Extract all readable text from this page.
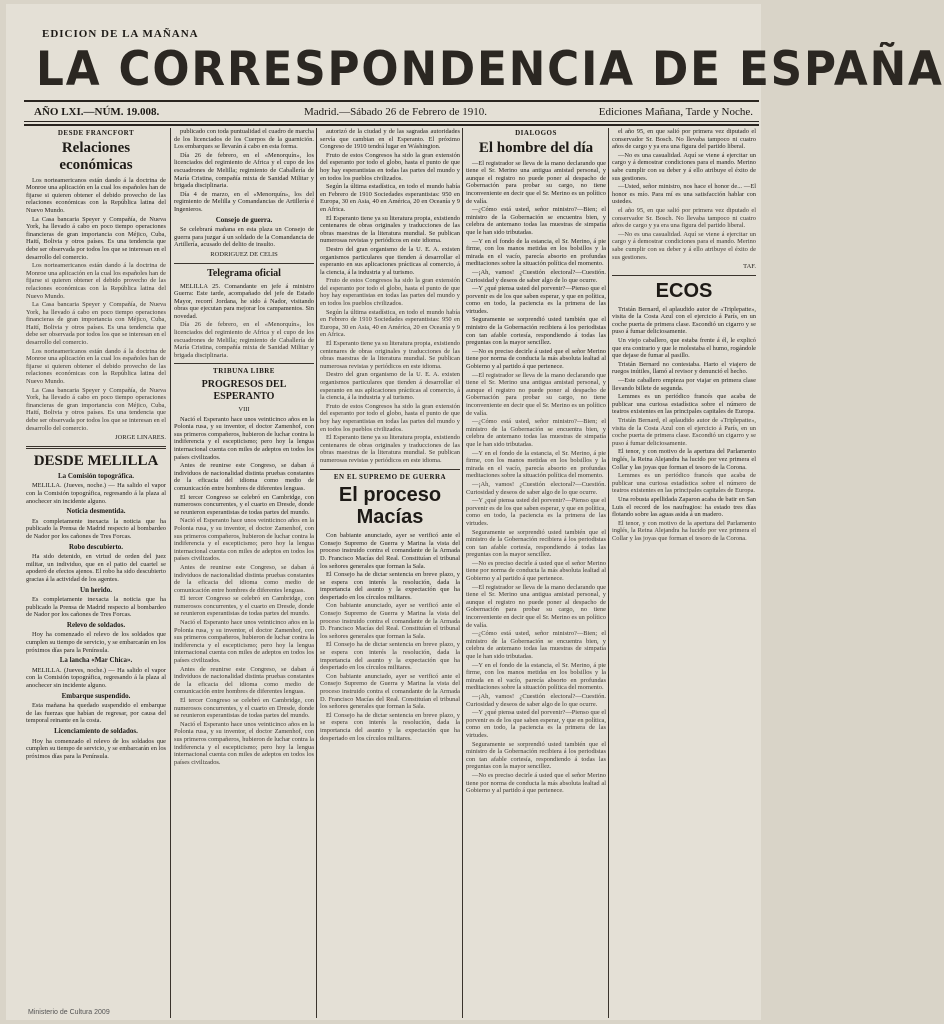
EDICION DE LA MAÑANA
LA CORRESPONDENCIA DE ESPAÑA
AÑO LXI.—NÚM. 19.008.	Madrid.—Sábado 26 de Febrero de 1910.	Ediciones Mañana, Tarde y Noche.
DESDE FRANCFORT
Relaciones económicas

Los norteamericanos están dando á la doctrina de Monroe una aplicación en la cual los españoles han de fijarse si quieren obtener el debido provecho de las relaciones económicas con la República latina del Nuevo Mundo.

La Casa bancaria Speyer y Compañía, de Nueva York, ha llevado á cabo en poco tiempo operaciones financieras de gran importancia con Méjico, Cuba, Haití, Bolivia y otros países. Es una tendencia que debe ser observada por todos los que se interesan en el desarrollo del comercio.

Los norteamericanos están dando á la doctrina de Monroe una aplicación en la cual los españoles han de fijarse si quieren obtener el debido provecho de las relaciones económicas con la República latina del Nuevo Mundo.

La Casa bancaria Speyer y Compañía, de Nueva York, ha llevado á cabo en poco tiempo operaciones financieras de gran importancia con Méjico, Cuba, Haití, Bolivia y otros países. Es una tendencia que debe ser observada por todos los que se interesan en el desarrollo del comercio.

Los norteamericanos están dando á la doctrina de Monroe una aplicación en la cual los españoles han de fijarse si quieren obtener el debido provecho de las relaciones económicas con la República latina del Nuevo Mundo.

La Casa bancaria Speyer y Compañía, de Nueva York, ha llevado á cabo en poco tiempo operaciones financieras de gran importancia con Méjico, Cuba, Haití, Bolivia y otros países. Es una tendencia que debe ser observada por todos los que se interesan en el desarrollo del comercio.

JORGE LINARES.
DESDE MELILLA
La Comisión topográfica.

MELILLA. (Jueves, noche.) — Ha salido el vapor con la Comisión topográfica, regresando á la plaza al anochecer sin incidente alguno.

Noticia desmentida.

Es completamente inexacta la noticia que ha publicado la Prensa de Madrid respecto al bombardeo de Nador por los cañones de Tres Forcas.

Robo descubierto.

Ha sido detenido, en virtud de orden del juez militar, un individuo, que en el patio del cuartel se apoderó de efectos ajenos. El robo ha sido descubierto gracias á la actividad de los agentes.

Un herido.

Es completamente inexacta la noticia que ha publicado la Prensa de Madrid respecto al bombardeo de Nador por los cañones de Tres Forcas.

Relevo de soldados.

Hoy ha comenzado el relevo de los soldados que cumplen su tiempo de servicio, y se embarcarán en los próximos días para la Península.

La lancha «Mar Chica».

MELILLA. (Jueves, noche.) — Ha salido el vapor con la Comisión topográfica, regresando á la plaza al anochecer sin incidente alguno.

Embarque suspendido.

Esta mañana ha quedado suspendido el embarque de las fuerzas que habían de regresar, por causa del temporal reinante en la costa.

Licenciamiento de soldados.

Hoy ha comenzado el relevo de los soldados que cumplen su tiempo de servicio, y se embarcarán en los próximos días para la Península.

publicado con toda puntualidad el cuadro de marcha de los licenciados de los Cuerpos de la guarnición. Los embarques se llevarán á cabo en esta forma.

Día 26 de febrero, en el «Menorquín», los licenciados del regimiento de Africa y el cupo de los escuadrones de Melilla; regimiento de Caballería de María Cristina, compañía mixta de Sanidad Militar y brigada disciplinaria.

Día 4 de marzo, en el «Menorquín», los del regimiento de Melilla y Comandancias de Artillería é Ingenieros.

Consejo de guerra.

Se celebrará mañana en esta plaza un Consejo de guerra para juzgar á un soldado de la Comandancia de Artillería, acusado del delito de insulto.

RODRIGUEZ DE CELIS
Telegrama oficial

MELILLA 25. Comandante en jefe á ministro Guerra: Este tarde, acompañado del jefe de Estado Mayor, recorrí Jordana, he sido á Nador, visitando obras que ejecutan para mejorar los campamentos. Sin novedad.

Día 26 de febrero, en el «Menorquín», los licenciados del regimiento de Africa y el cupo de los escuadrones de Melilla; regimiento de Caballería de María Cristina, compañía mixta de Sanidad Militar y brigada disciplinaria.

TRIBUNA LIBRE
PROGRESOS DEL ESPERANTO
VIII

Nació el Esperanto hace unos veinticinco años en la Polonia rusa, y su inventor, el doctor Zamenhof, con sus primeros compañeros, hubieron de luchar contra la indiferencia y el escepticismo; pero hoy la lengua internacional cuenta con miles de adeptos en todos los países civilizados.

Antes de reunirse este Congreso, se daban á individuos de nacionalidad distinta pruebas constantes de la eficacia del idioma como medio de comunicación entre hombres de diferentes lenguas.

El tercer Congreso se celebró en Cambridge, con numerosos concurrentes, y el cuarto en Dresde, donde se reunieron esperantistas de todas partes del mundo.

Nació el Esperanto hace unos veinticinco años en la Polonia rusa, y su inventor, el doctor Zamenhof, con sus primeros compañeros, hubieron de luchar contra la indiferencia y el escepticismo; pero hoy la lengua internacional cuenta con miles de adeptos en todos los países civilizados.

Antes de reunirse este Congreso, se daban á individuos de nacionalidad distinta pruebas constantes de la eficacia del idioma como medio de comunicación entre hombres de diferentes lenguas.

El tercer Congreso se celebró en Cambridge, con numerosos concurrentes, y el cuarto en Dresde, donde se reunieron esperantistas de todas partes del mundo.

Nació el Esperanto hace unos veinticinco años en la Polonia rusa, y su inventor, el doctor Zamenhof, con sus primeros compañeros, hubieron de luchar contra la indiferencia y el escepticismo; pero hoy la lengua internacional cuenta con miles de adeptos en todos los países civilizados.

Antes de reunirse este Congreso, se daban á individuos de nacionalidad distinta pruebas constantes de la eficacia del idioma como medio de comunicación entre hombres de diferentes lenguas.

El tercer Congreso se celebró en Cambridge, con numerosos concurrentes, y el cuarto en Dresde, donde se reunieron esperantistas de todas partes del mundo.

Nació el Esperanto hace unos veinticinco años en la Polonia rusa, y su inventor, el doctor Zamenhof, con sus primeros compañeros, hubieron de luchar contra la indiferencia y el escepticismo; pero hoy la lengua internacional cuenta con miles de adeptos en todos los países civilizados.

autorizó de la ciudad y de las sagradas autoridades servía que cambian en el Esperanto. El próximo Congreso de 1910 tendrá lugar en Wáshington.

Fruto de estos Congresos ha sido la gran extensión del esperanto por todo el globo, hasta el punto de que hoy hay esperantistas en todas las partes del mundo y en todos los pueblos civilizados.

Según la última estadística, en todo el mundo había en Febrero de 1910 Sociedades esperantistas: 950 en Europa, 30 en Asia, 40 en América, 20 en Oceanía y 9 en Africa.

El Esperanto tiene ya su literatura propia, existiendo centenares de obras originales y traducciones de las obras maestras de la literatura mundial. Se publican numerosas revistas y periódicos en este idioma.

Destro del gran organismo de la U. E. A. existen organismos particulares que tienden á desarrollar el esperanto en sus aplicaciones prácticas al comercio, á la ciencia, á la industria y al turismo.

Fruto de estos Congresos ha sido la gran extensión del esperanto por todo el globo, hasta el punto de que hoy hay esperantistas en todas las partes del mundo y en todos los pueblos civilizados.

Según la última estadística, en todo el mundo había en Febrero de 1910 Sociedades esperantistas: 950 en Europa, 30 en Asia, 40 en América, 20 en Oceanía y 9 en Africa.

El Esperanto tiene ya su literatura propia, existiendo centenares de obras originales y traducciones de las obras maestras de la literatura mundial. Se publican numerosas revistas y periódicos en este idioma.

Destro del gran organismo de la U. E. A. existen organismos particulares que tienden á desarrollar el esperanto en sus aplicaciones prácticas al comercio, á la ciencia, á la industria y al turismo.

Fruto de estos Congresos ha sido la gran extensión del esperanto por todo el globo, hasta el punto de que hoy hay esperantistas en todas las partes del mundo y en todos los pueblos civilizados.

El Esperanto tiene ya su literatura propia, existiendo centenares de obras originales y traducciones de las obras maestras de la literatura mundial. Se publican numerosas revistas y periódicos en este idioma.

EN EL SUPREMO DE GUERRA
El proceso Macías

Con babiante anunciado, ayer se verificó ante el Consejo Supremo de Guerra y Marina la vista del proceso instruido contra el comandante de la Armada D. Francisco Macías del Real. Constituían el tribunal los señores generales que forman la Sala.

El Consejo ha de dictar sentencia en breve plazo, y se espera con interés la resolución, dada la importancia del asunto y la expectación que ha despertado en los círculos militares.

Con babiante anunciado, ayer se verificó ante el Consejo Supremo de Guerra y Marina la vista del proceso instruido contra el comandante de la Armada D. Francisco Macías del Real. Constituían el tribunal los señores generales que forman la Sala.

El Consejo ha de dictar sentencia en breve plazo, y se espera con interés la resolución, dada la importancia del asunto y la expectación que ha despertado en los círculos militares.

Con babiante anunciado, ayer se verificó ante el Consejo Supremo de Guerra y Marina la vista del proceso instruido contra el comandante de la Armada D. Francisco Macías del Real. Constituían el tribunal los señores generales que forman la Sala.

El Consejo ha de dictar sentencia en breve plazo, y se espera con interés la resolución, dada la importancia del asunto y la expectación que ha despertado en los círculos militares.

DIALOGOS
El hombre del día

—El registrador se lleva de la mano declarando que tiene el Sr. Merino una antigua amistad personal, y aunque el registro no puede poner al despacho de Gobernación para probar su cargo, no tiene inconveniente en decir que el Sr. Merino es un político de valía.

—¿Cómo está usted, señor ministro?—Bien; el ministro de la Gobernación se encuentra bien, y celebra de antemano todas las muestras de simpatía que le han sido tributadas.

—Y en el fondo de la estancia, el Sr. Merino, á pie firme, con los manos metidas en los bolsillos y la mirada en el vacío, parecía absorto en profundas meditaciones sobre la situación política del momento.

—¡Ah, vamos! ¿Cuestión electoral?—Cuestión. Curiosidad y deseos de saber algo de lo que ocurre.

—Y ¿qué piensa usted del porvenir?—Pienso que el porvenir es de los que saben esperar, y que en política, como en todo, la paciencia es la primera de las virtudes.

Seguramente se sorprendió usted también que el ministro de la Gobernación recibiera á los periodistas con tan afable cortesía, respondiendo á todas las preguntas con la mayor sencillez.

—No es preciso decirle á usted que el señor Merino tiene por norma de conducta la más absoluta lealtad al Gobierno y al partido á que pertenece.

—El registrador se lleva de la mano declarando que tiene el Sr. Merino una antigua amistad personal, y aunque el registro no puede poner al despacho de Gobernación para probar su cargo, no tiene inconveniente en decir que el Sr. Merino es un político de valía.

—¿Cómo está usted, señor ministro?—Bien; el ministro de la Gobernación se encuentra bien, y celebra de antemano todas las muestras de simpatía que le han sido tributadas.

—Y en el fondo de la estancia, el Sr. Merino, á pie firme, con los manos metidas en los bolsillos y la mirada en el vacío, parecía absorto en profundas meditaciones sobre la situación política del momento.

—¡Ah, vamos! ¿Cuestión electoral?—Cuestión. Curiosidad y deseos de saber algo de lo que ocurre.

—Y ¿qué piensa usted del porvenir?—Pienso que el porvenir es de los que saben esperar, y que en política, como en todo, la paciencia es la primera de las virtudes.

Seguramente se sorprendió usted también que el ministro de la Gobernación recibiera á los periodistas con tan afable cortesía, respondiendo á todas las preguntas con la mayor sencillez.

—No es preciso decirle á usted que el señor Merino tiene por norma de conducta la más absoluta lealtad al Gobierno y al partido á que pertenece.

—El registrador se lleva de la mano declarando que tiene el Sr. Merino una antigua amistad personal, y aunque el registro no puede poner al despacho de Gobernación para probar su cargo, no tiene inconveniente en decir que el Sr. Merino es un político de valía.

—¿Cómo está usted, señor ministro?—Bien; el ministro de la Gobernación se encuentra bien, y celebra de antemano todas las muestras de simpatía que le han sido tributadas.

—Y en el fondo de la estancia, el Sr. Merino, á pie firme, con los manos metidas en los bolsillos y la mirada en el vacío, parecía absorto en profundas meditaciones sobre la situación política del momento.

—¡Ah, vamos! ¿Cuestión electoral?—Cuestión. Curiosidad y deseos de saber algo de lo que ocurre.

—Y ¿qué piensa usted del porvenir?—Pienso que el porvenir es de los que saben esperar, y que en política, como en todo, la paciencia es la primera de las virtudes.

Seguramente se sorprendió usted también que el ministro de la Gobernación recibiera á los periodistas con tan afable cortesía, respondiendo á todas las preguntas con la mayor sencillez.

—No es preciso decirle á usted que el señor Merino tiene por norma de conducta la más absoluta lealtad al Gobierno y al partido á que pertenece.

el año 95, en que salió por primera vez diputado el conservador Sr. Bosch. No llevaba tampoco ni cuatro años de cargo y ya era una figura del partido liberal.

—No es una casualidad. Aquí se viene á ejercitar un cargo y á demostrar condiciones para el mando. Merino sabe cumplir con su deber y á ello atribuye el éxito de sus gestiones.

—Usted, señor ministro, nos hace el honor de... —El honor es mío. Para mí es una satisfacción hablar con ustedes.

el año 95, en que salió por primera vez diputado el conservador Sr. Bosch. No llevaba tampoco ni cuatro años de cargo y ya era una figura del partido liberal.

—No es una casualidad. Aquí se viene á ejercitar un cargo y á demostrar condiciones para el mando. Merino sabe cumplir con su deber y á ello atribuye el éxito de sus gestiones.

TAF.
ECOS

Tristán Bernard, el aplaudido autor de «Triplepatte», visita de la Costa Azul con el ejercicio á París, en un coche puerta de primera clase. Escondió un cigarro y se puso á fumar deliciosamente.

Un viejo caballero, que estaba frente á él, le explicó que era contrario y que le molestaba el humo, rogándole que dejase de fumar al pasillo.

Tristán Bernard no contestaba. Harto el viajero de ruegos inútiles, llamó al revisor y denunció el hecho.

—Este caballero empieza por viajar en primera clase llevando billete de segunda.

Lemmes es un periódico francés que acaba de publicar una curiosa estadística sobre el número de teatros existentes en las principales capitales de Europa.

Tristán Bernard, el aplaudido autor de «Triplepatte», visita de la Costa Azul con el ejercicio á París, en un coche puerta de primera clase. Escondió un cigarro y se puso á fumar deliciosamente.

El tenor, y con motivo de la apertura del Parlamento inglés, la Reina Alejandra ha lucido por vez primera el Collar y las joyas que forman el tesoro de la Corona.

Lemmes es un periódico francés que acaba de publicar una curiosa estadística sobre el número de teatros existentes en las principales capitales de Europa.

Una robusta apellidada Zaparon acaba de batir en San Luis el record de los naufragios: ha estado tres días flotando sobre las aguas asida á un madero.

El tenor, y con motivo de la apertura del Parlamento inglés, la Reina Alejandra ha lucido por vez primera el Collar y las joyas que forman el tesoro de la Corona.

Ministerio de Cultura 2009
